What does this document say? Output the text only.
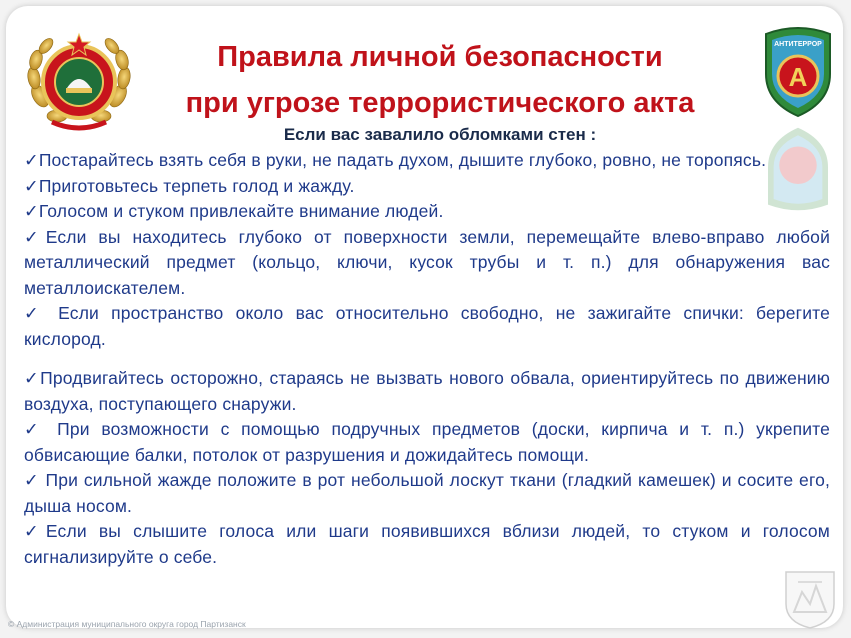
А
АНТИТЕРРОР
Правила личной безопасности
при угрозе террористического акта
Если вас завалило обломками стен :
✓Постарайтесь взять себя в руки, не падать духом, дышите глубоко, ровно, не торопясь.
✓Приготовьтесь терпеть голод и жажду.
✓Голосом и стуком привлекайте внимание людей.
✓Если вы находитесь глубоко от поверхности земли, перемещайте влево-вправо любой металлический предмет (кольцо, ключи, кусок трубы и т. п.) для обнаружения вас металлоискателем.
✓ Если пространство около вас относительно свободно, не зажигайте спички: берегите кислород.
✓Продвигайтесь осторожно, стараясь не вызвать нового обвала, ориентируйтесь по движению воздуха, поступающего снаружи.
✓ При возможности с помощью подручных предметов (доски, кирпича и т. п.) укрепите обвисающие балки, потолок от разрушения и дожидайтесь помощи.
✓ При сильной жажде положите в рот небольшой лоскут ткани (гладкий камешек) и сосите его, дыша носом.
✓Если вы слышите голоса или шаги появившихся вблизи людей, то стуком и голосом сигнализируйте о себе.
© Администрация муниципального округа город Партизанск
